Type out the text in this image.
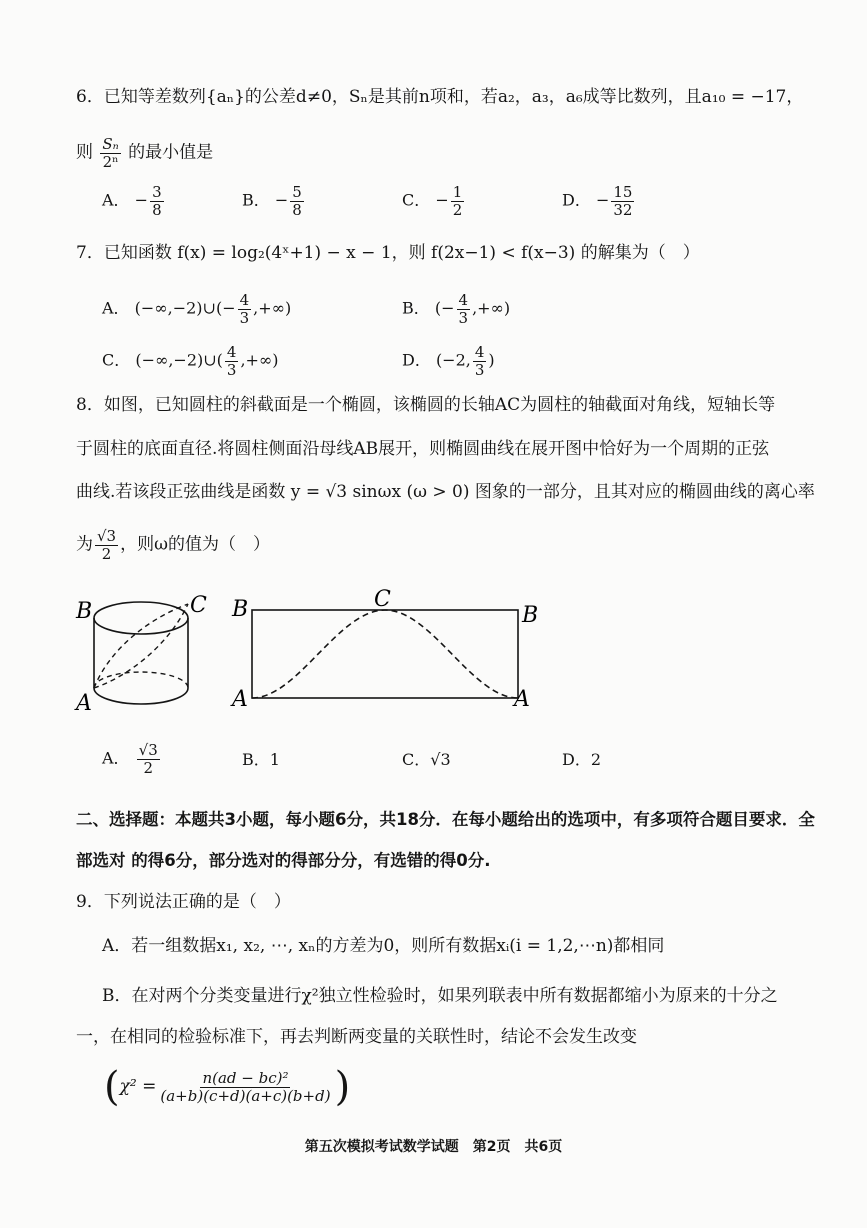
6．已知等差数列{aₙ}的公差d≠0，Sₙ是其前n项和，若a₂，a₃，a₆成等比数列，且a₁₀ = −17，
则 $\frac{\text{Sₙ}}{\text{2ⁿ}}$ 的最小值是
A． − $\frac{3}{8}$	B． − $\frac{5}{8}$	C． − $\frac{1}{2}$	D． − $\frac{15}{32}$
7．已知函数 f(x) = log₂(4ˣ+1) − x − 1，则 f(2x−1) < f(x−3) 的解集为（　）
A． (−∞,−2)∪(− $\frac{4}{3}$ ,+∞)	B． (− $\frac{4}{3}$ ,+∞)
C． (−∞,−2)∪( $\frac{4}{3}$ ,+∞)	D． (−2, $\frac{4}{3}$ )
8．如图，已知圆柱的斜截面是一个椭圆，该椭圆的长轴AC为圆柱的轴截面对角线，短轴长等
于圆柱的底面直径.将圆柱侧面沿母线AB展开，则椭圆曲线在展开图中恰好为一个周期的正弦
曲线.若该段正弦曲线是函数 y = √3 sinωx (ω > 0) 图象的一部分，且其对应的椭圆曲线的离心率
为 $\frac{√3}{2}$ ，则ω的值为（　）
B	C
A
B	C
B
A	A
A． $\frac{√3}{2}$	B．1	C．√3	D．2
二、选择题：本题共3小题，每小题6分，共18分．在每小题给出的选项中，有多项符合题目要求．全
部选对 的得6分，部分选对的得部分分，有选错的得0分.
9．下列说法正确的是（　）
A．若一组数据x₁, x₂, ⋯, xₙ的方差为0，则所有数据xᵢ(i = 1,2,⋯n)都相同
B．在对两个分类变量进行χ²独立性检验时，如果列联表中所有数据都缩小为原来的十分之
一，在相同的检验标准下，再去判断两变量的关联性时，结论不会发生改变
($\chi^2 = \frac{\text{n(ad − bc)²}}{(a+b)(c+d)(a+c)(b+d)}$ )
第五次模拟考试数学试题　第2页　共6页
